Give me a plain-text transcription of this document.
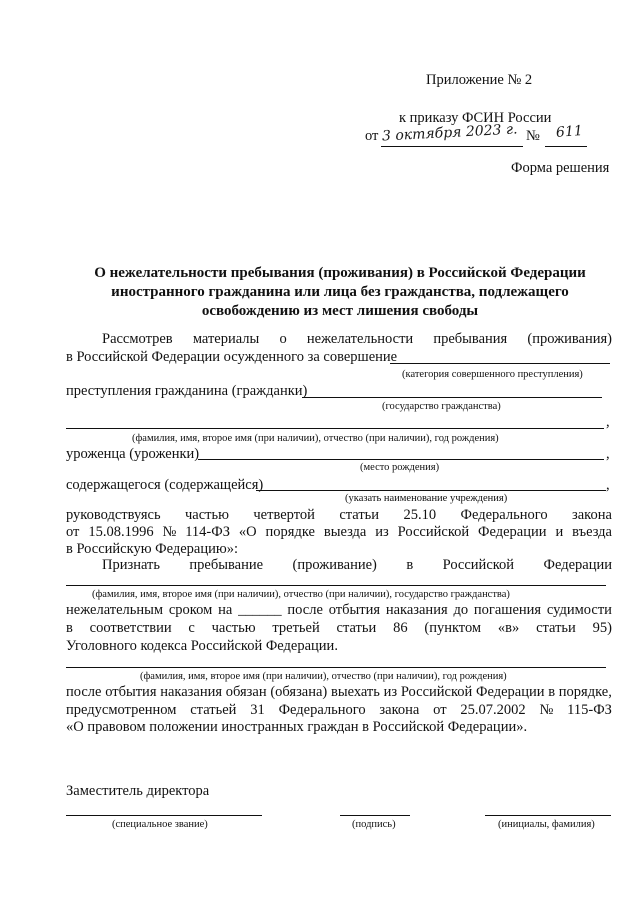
Приложение № 2
к приказу ФСИН России
от 3 октября 2023 г. № 611
Форма решения
О нежелательности пребывания (проживания) в Российской Федерации
иностранного гражданина или лица без гражданства, подлежащего
освобождению из мест лишения свободы
Рассмотрев материалы о нежелательности пребывания (проживания)
в Российской Федерации осужденного за совершение
(категория совершенного преступления)
преступления гражданина (гражданки)
(государство гражданства)
,
(фамилия, имя, второе имя (при наличии), отчество (при наличии), год рождения)
уроженца (уроженки)	,
(место рождения)
содержащегося (содержащейся)	,
(указать наименование учреждения)
руководствуясь частью четвертой статьи 25.10 Федерального закона
от 15.08.1996 № 114-ФЗ «О порядке выезда из Российской Федерации и въезда
в Российскую Федерацию»:
Признать пребывание (проживание) в Российской Федерации
(фамилия, имя, второе имя (при наличии), отчество (при наличии), государство гражданства)
нежелательным сроком на ______ после отбытия наказания до погашения судимости
в соответствии с частью третьей статьи 86 (пунктом «в» статьи 95)
Уголовного кодекса Российской Федерации.
(фамилия, имя, второе имя (при наличии), отчество (при наличии), год рождения)
после отбытия наказания обязан (обязана) выехать из Российской Федерации в порядке,
предусмотренном статьей 31 Федерального закона от 25.07.2002 № 115-ФЗ
«О правовом положении иностранных граждан в Российской Федерации».
Заместитель директора
(специальное звание)	(подпись)	(инициалы, фамилия)
